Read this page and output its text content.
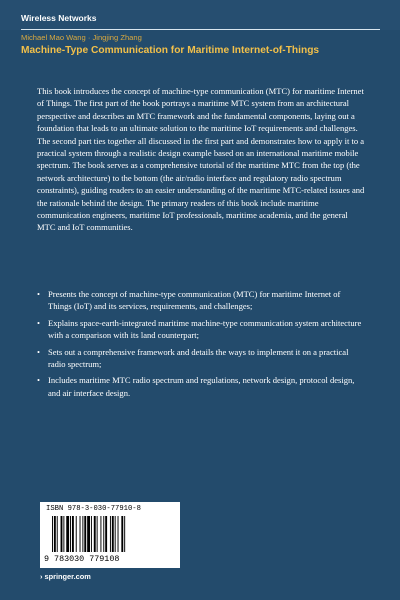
Wireless Networks
Michael Mao Wang · Jingjing Zhang
Machine-Type Communication for Maritime Internet-of-Things

This book introduces the concept of machine-type communication (MTC) for maritime Internet of Things. The first part of the book portrays a maritime MTC system from an architectural perspective and describes an MTC framework and the fundamental components, laying out a foundation that leads to an ultimate solution to the maritime IoT requirements and challenges. The second part ties together all discussed in the first part and demonstrates how to apply it to a practical system through a realistic design example based on an international maritime mobile spectrum. The book serves as a comprehensive tutorial of the maritime MTC from the top (the network architecture) to the bottom (the air/radio interface and regulatory radio spectrum constraints), guiding readers to an easier understanding of the maritime MTC-related issues and the rationale behind the design. The primary readers of this book include maritime communication engineers, maritime IoT professionals, maritime academia, and the general MTC and IoT communities.

• Presents the concept of machine-type communication (MTC) for maritime Internet of Things (IoT) and its services, requirements, and challenges;
• Explains space-earth-integrated maritime machine-type communication system architecture with a comparison with its land counterpart;
• Sets out a comprehensive framework and details the ways to implement it on a practical radio spectrum;
• Includes maritime MTC radio spectrum and regulations, network design, protocol design, and air interface design.
ISBN 978-3-030-77910-8
9 783030 779108
› springer.com
